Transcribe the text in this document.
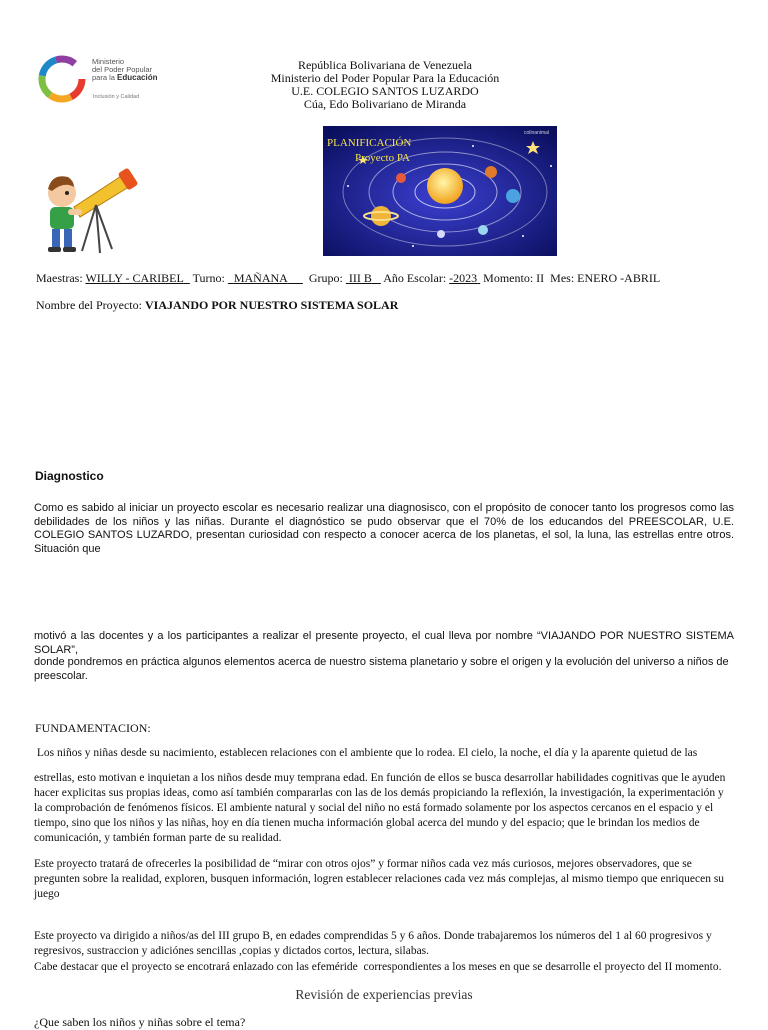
Ministerio
del Poder Popular
para la Educación
Inclusión y Calidad
República Bolivariana de Venezuela
Ministerio del Poder Popular Para la Educación
U.E. COLEGIO SANTOS LUZARDO
Cúa, Edo Bolivariano de Miranda
PLANIFICACIÓN
Proyecto PA
colinanimal
Maestras: WILLY - CARIBEL Turno: MAÑANA Grupo: III B Año Escolar: -2023 Momento: II Mes: ENERO -ABRIL
Nombre del Proyecto: VIAJANDO POR NUESTRO SISTEMA SOLAR
Diagnostico
Como es sabido al iniciar un proyecto escolar es necesario realizar una diagnosisco, con el propósito de conocer tanto los progresos como las debilidades de los niños y las niñas. Durante el diagnóstico se pudo observar que el 70% de los educandos del PREESCOLAR, U.E. COLEGIO SANTOS LUZARDO, presentan curiosidad con respecto a conocer acerca de los planetas, el sol, la luna, las estrellas entre otros. Situación que
motivó a las docentes y a los participantes a realizar el presente proyecto, el cual lleva por nombre “VIAJANDO POR NUESTRO SISTEMA SOLAR”,
donde pondremos en práctica algunos elementos acerca de nuestro sistema planetario y sobre el origen y la evolución del universo a niños de preescolar.
FUNDAMENTACION:
Los niños y niñas desde su nacimiento, establecen relaciones con el ambiente que lo rodea. El cielo, la noche, el día y la aparente quietud de las
estrellas, esto motivan e inquietan a los niños desde muy temprana edad. En función de ellos se busca desarrollar habilidades cognitivas que le ayuden hacer explicitas sus propias ideas, como así también compararlas con las de los demás propiciando la reflexión, la investigación, la experimentación y la comprobación de fenómenos físicos. El ambiente natural y social del niño no está formado solamente por los aspectos cercanos en el espacio y el tiempo, sino que los niños y las niñas, hoy en día tienen mucha información global acerca del mundo y del espacio; que le brindan los medios de comunicación, y también forman parte de su realidad.
Este proyecto tratará de ofrecerles la posibilidad de “mirar con otros ojos” y formar niños cada vez más curiosos, mejores observadores, que se pregunten sobre la realidad, exploren, busquen información, logren establecer relaciones cada vez más complejas, al mismo tiempo que enriquecen su juego
Este proyecto va dirigido a niños/as del III grupo B, en edades comprendidas 5 y 6 años. Donde trabajaremos los números del 1 al 60 progresivos y regresivos, sustraccion y adiciónes sencillas ,copias y dictados cortos, lectura, silabas.
Cabe destacar que el proyecto se encotrará enlazado con las efeméride  correspondientes a los meses en que se desarrolle el proyecto del II momento.
Revisión de experiencias previas
¿Que saben los niños y niñas sobre el tema?
